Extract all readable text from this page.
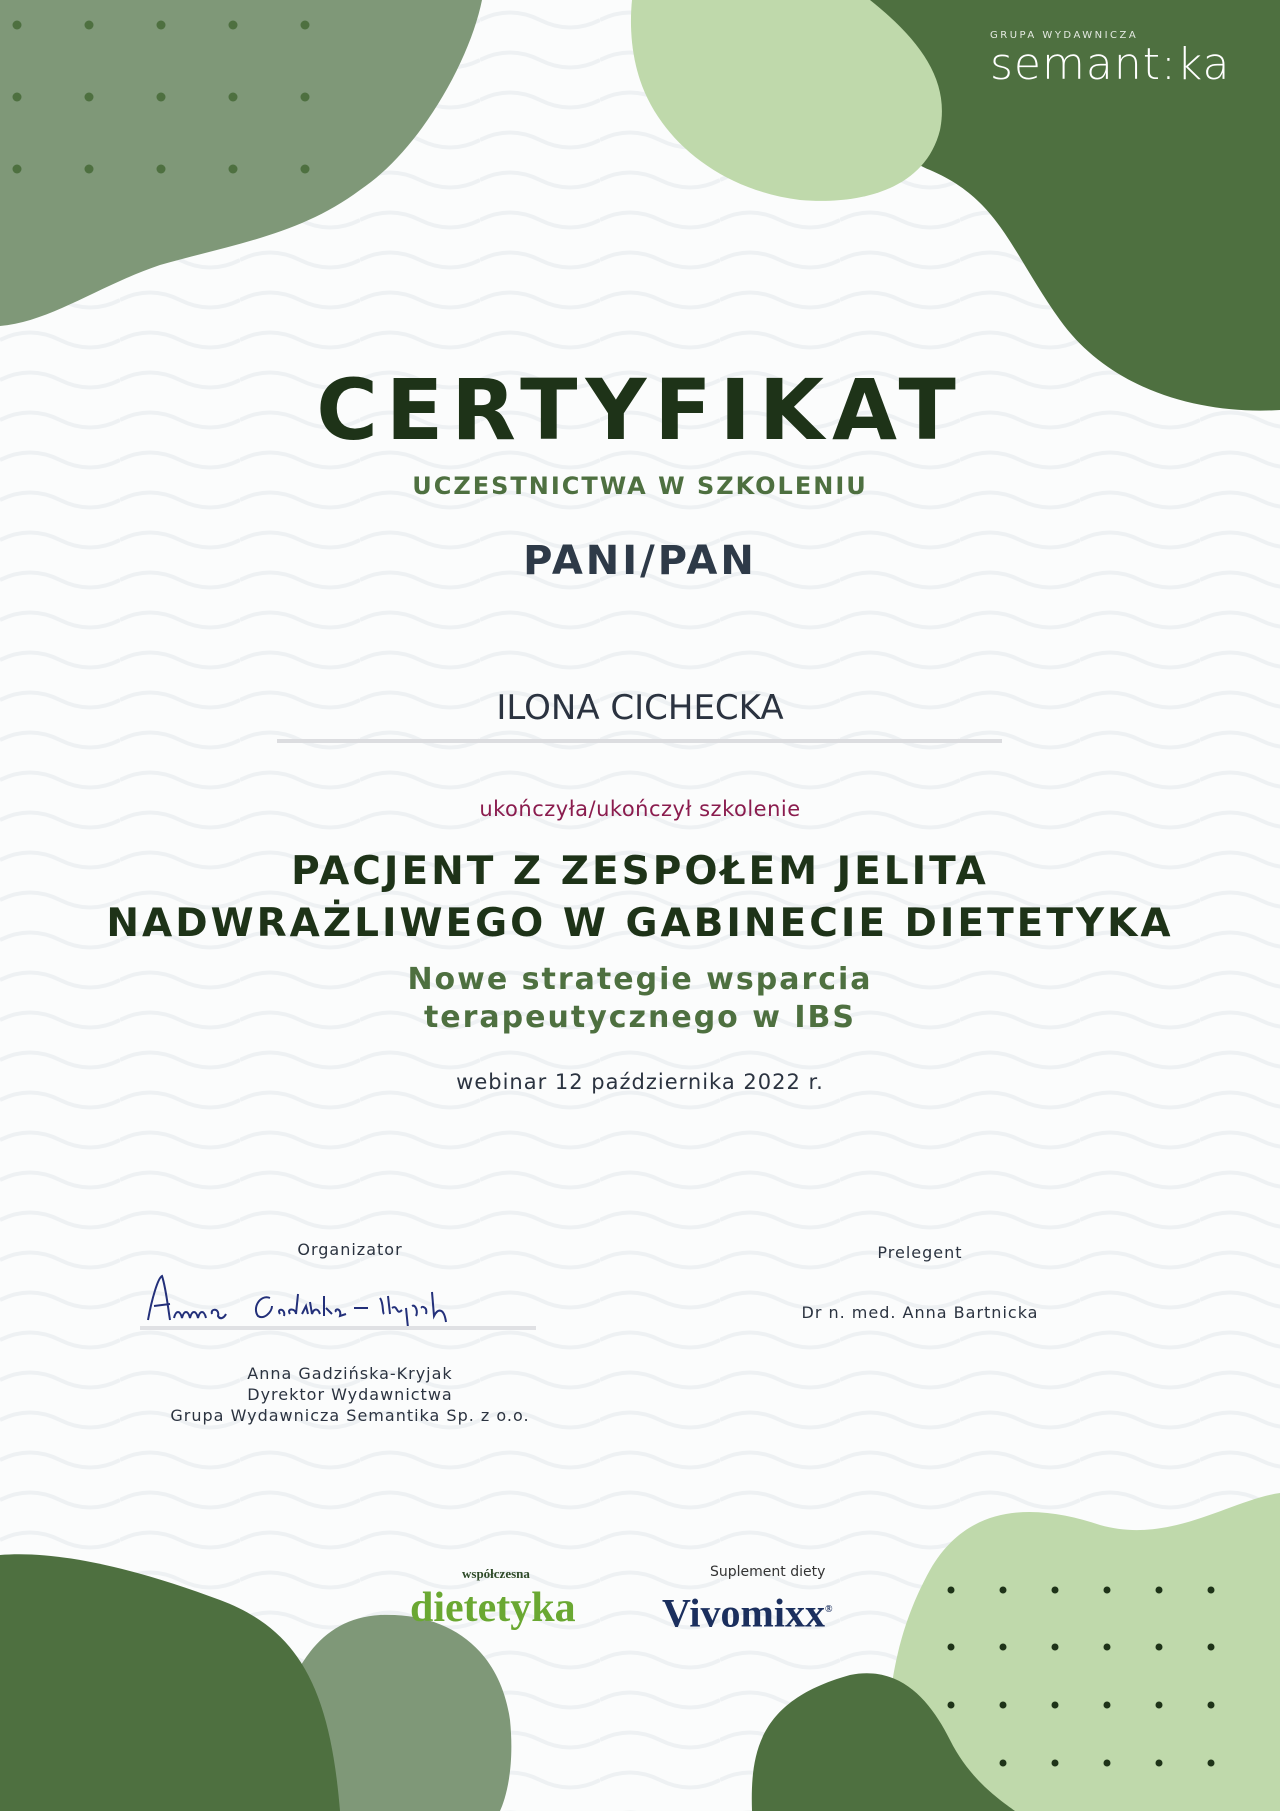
GRUPA WYDAWNICZA
semant:ka
CERTYFIKAT
UCZESTNICTWA W SZKOLENIU
PANI/PAN
ILONA CICHECKA
ukończyła/ukończył szkolenie
PACJENT Z ZESPOŁEM JELITA
NADWRAŻLIWEGO W GABINECIE DIETETYKA
Nowe strategie wsparcia
terapeutycznego w IBS
webinar 12 października 2022 r.
Organizator
Anna Gadzińska-Kryjak
Dyrektor Wydawnictwa
Grupa Wydawnicza Semantika Sp. z o.o.
Prelegent
Dr n. med. Anna Bartnicka
współczesna
dietetyka
Suplement diety
Vivomixx®
